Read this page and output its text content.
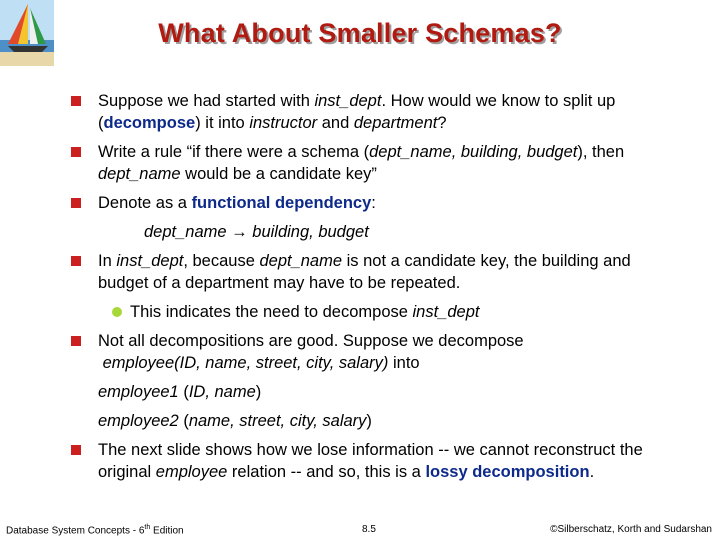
What About Smaller Schemas?
Suppose we had started with inst_dept. How would we know to split up (decompose) it into instructor and department?
Write a rule “if there were a schema (dept_name, building, budget), then dept_name would be a candidate key”
Denote as a functional dependency:
dept_name → building, budget
In inst_dept, because dept_name is not a candidate key, the building and budget of a department may have to be repeated.
This indicates the need to decompose inst_dept
Not all decompositions are good. Suppose we decompose
employee(ID, name, street, city, salary) into
employee1 (ID, name)
employee2 (name, street, city, salary)
The next slide shows how we lose information -- we cannot reconstruct the original employee relation -- and so, this is a lossy decomposition.
Database System Concepts - 6th Edition	8.5	©Silberschatz, Korth and Sudarshan
